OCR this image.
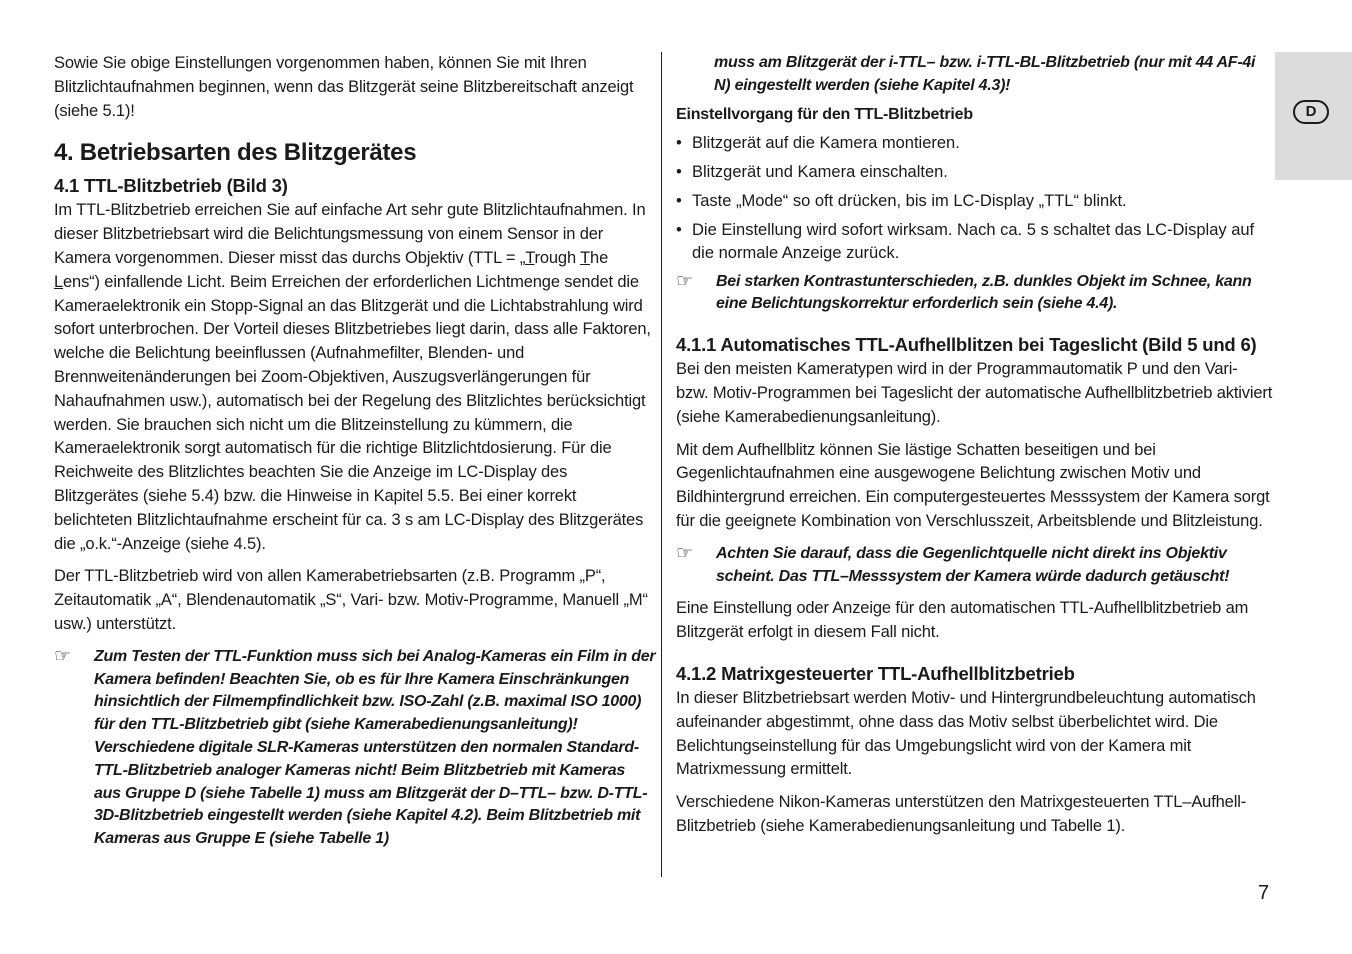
D

Sowie Sie obige Einstellungen vorgenommen haben, können Sie mit Ihren Blitzlichtaufnahmen beginnen, wenn das Blitzgerät seine Blitzbereitschaft anzeigt (siehe 5.1)!

4. Betriebsarten des Blitzgerätes
4.1 TTL-Blitzbetrieb (Bild 3)

Im TTL-Blitzbetrieb erreichen Sie auf einfache Art sehr gute Blitzlichtaufnahmen. In dieser Blitzbetriebsart wird die Belichtungsmessung von einem Sensor in der Kamera vorgenommen. Dieser misst das durchs Objektiv (TTL = „Trough The Lens“) einfallende Licht. Beim Erreichen der erforderlichen Lichtmenge sendet die Kameraelektronik ein Stopp-Signal an das Blitzgerät und die Lichtabstrahlung wird sofort unterbrochen. Der Vorteil dieses Blitzbetriebes liegt darin, dass alle Faktoren, welche die Belichtung beeinflussen (Aufnahmefilter, Blenden- und Brennweitenänderungen bei Zoom-Objektiven, Auszugsverlängerungen für Nahaufnahmen usw.), automatisch bei der Regelung des Blitzlichtes berücksichtigt werden. Sie brauchen sich nicht um die Blitzeinstellung zu kümmern, die Kameraelektronik sorgt automatisch für die richtige Blitzlichtdosierung. Für die Reichweite des Blitzlichtes beachten Sie die Anzeige im LC-Display des Blitzgerätes (siehe 5.4) bzw. die Hinweise in Kapitel 5.5. Bei einer korrekt belichteten Blitzlichtaufnahme erscheint für ca. 3 s am LC-Display des Blitzgerätes die „o.k.“-Anzeige (siehe 4.5).

Der TTL-Blitzbetrieb wird von allen Kamerabetriebsarten (z.B. Programm „P“, Zeitautomatik „A“, Blendenautomatik „S“, Vari- bzw. Motiv-Programme, Manuell „M“ usw.) unterstützt.

☞ Zum Testen der TTL-Funktion muss sich bei Analog-Kameras ein Film in der Kamera befinden! Beachten Sie, ob es für Ihre Kamera Einschränkungen hinsichtlich der Filmempfindlichkeit bzw. ISO-Zahl (z.B. maximal ISO 1000) für den TTL-Blitzbetrieb gibt (siehe Kamerabedienungsanleitung)!

Verschiedene digitale SLR-Kameras unterstützen den normalen Standard-TTL-Blitzbetrieb analoger Kameras nicht! Beim Blitzbetrieb mit Kameras aus Gruppe D (siehe Tabelle 1) muss am Blitzgerät der D–TTL– bzw. D-TTL-3D-Blitzbetrieb eingestellt werden (siehe Kapitel 4.2). Beim Blitzbetrieb mit Kameras aus Gruppe E (siehe Tabelle 1)

muss am Blitzgerät der i-TTL– bzw. i-TTL-BL-Blitzbetrieb (nur mit 44 AF-4i N) eingestellt werden (siehe Kapitel 4.3)!

Einstellvorgang für den TTL-Blitzbetrieb
• Blitzgerät auf die Kamera montieren.
• Blitzgerät und Kamera einschalten.
• Taste „Mode“ so oft drücken, bis im LC-Display „TTL“ blinkt.
• Die Einstellung wird sofort wirksam. Nach ca. 5 s schaltet das LC-Display auf die normale Anzeige zurück.
☞ Bei starken Kontrastunterschieden, z.B. dunkles Objekt im Schnee, kann eine Belichtungskorrektur erforderlich sein (siehe 4.4).

4.1.1 Automatisches TTL-Aufhellblitzen bei Tageslicht (Bild 5 und 6)

Bei den meisten Kameratypen wird in der Programmautomatik P und den Vari- bzw. Motiv-Programmen bei Tageslicht der automatische Aufhellblitzbetrieb aktiviert (siehe Kamerabedienungsanleitung).

Mit dem Aufhellblitz können Sie lästige Schatten beseitigen und bei Gegenlichtaufnahmen eine ausgewogene Belichtung zwischen Motiv und Bildhintergrund erreichen. Ein computergesteuertes Messsystem der Kamera sorgt für die geeignete Kombination von Verschlusszeit, Arbeitsblende und Blitzleistung.

☞ Achten Sie darauf, dass die Gegenlichtquelle nicht direkt ins Objektiv scheint. Das TTL–Messsystem der Kamera würde dadurch getäuscht!

Eine Einstellung oder Anzeige für den automatischen TTL-Aufhellblitzbetrieb am Blitzgerät erfolgt in diesem Fall nicht.

4.1.2 Matrixgesteuerter TTL-Aufhellblitzbetrieb

In dieser Blitzbetriebsart werden Motiv- und Hintergrundbeleuchtung automatisch aufeinander abgestimmt, ohne dass das Motiv selbst überbelichtet wird. Die Belichtungseinstellung für das Umgebungslicht wird von der Kamera mit Matrixmessung ermittelt.

Verschiedene Nikon-Kameras unterstützen den Matrixgesteuerten TTL–Aufhell-Blitzbetrieb (siehe Kamerabedienungsanleitung und Tabelle 1).

7
